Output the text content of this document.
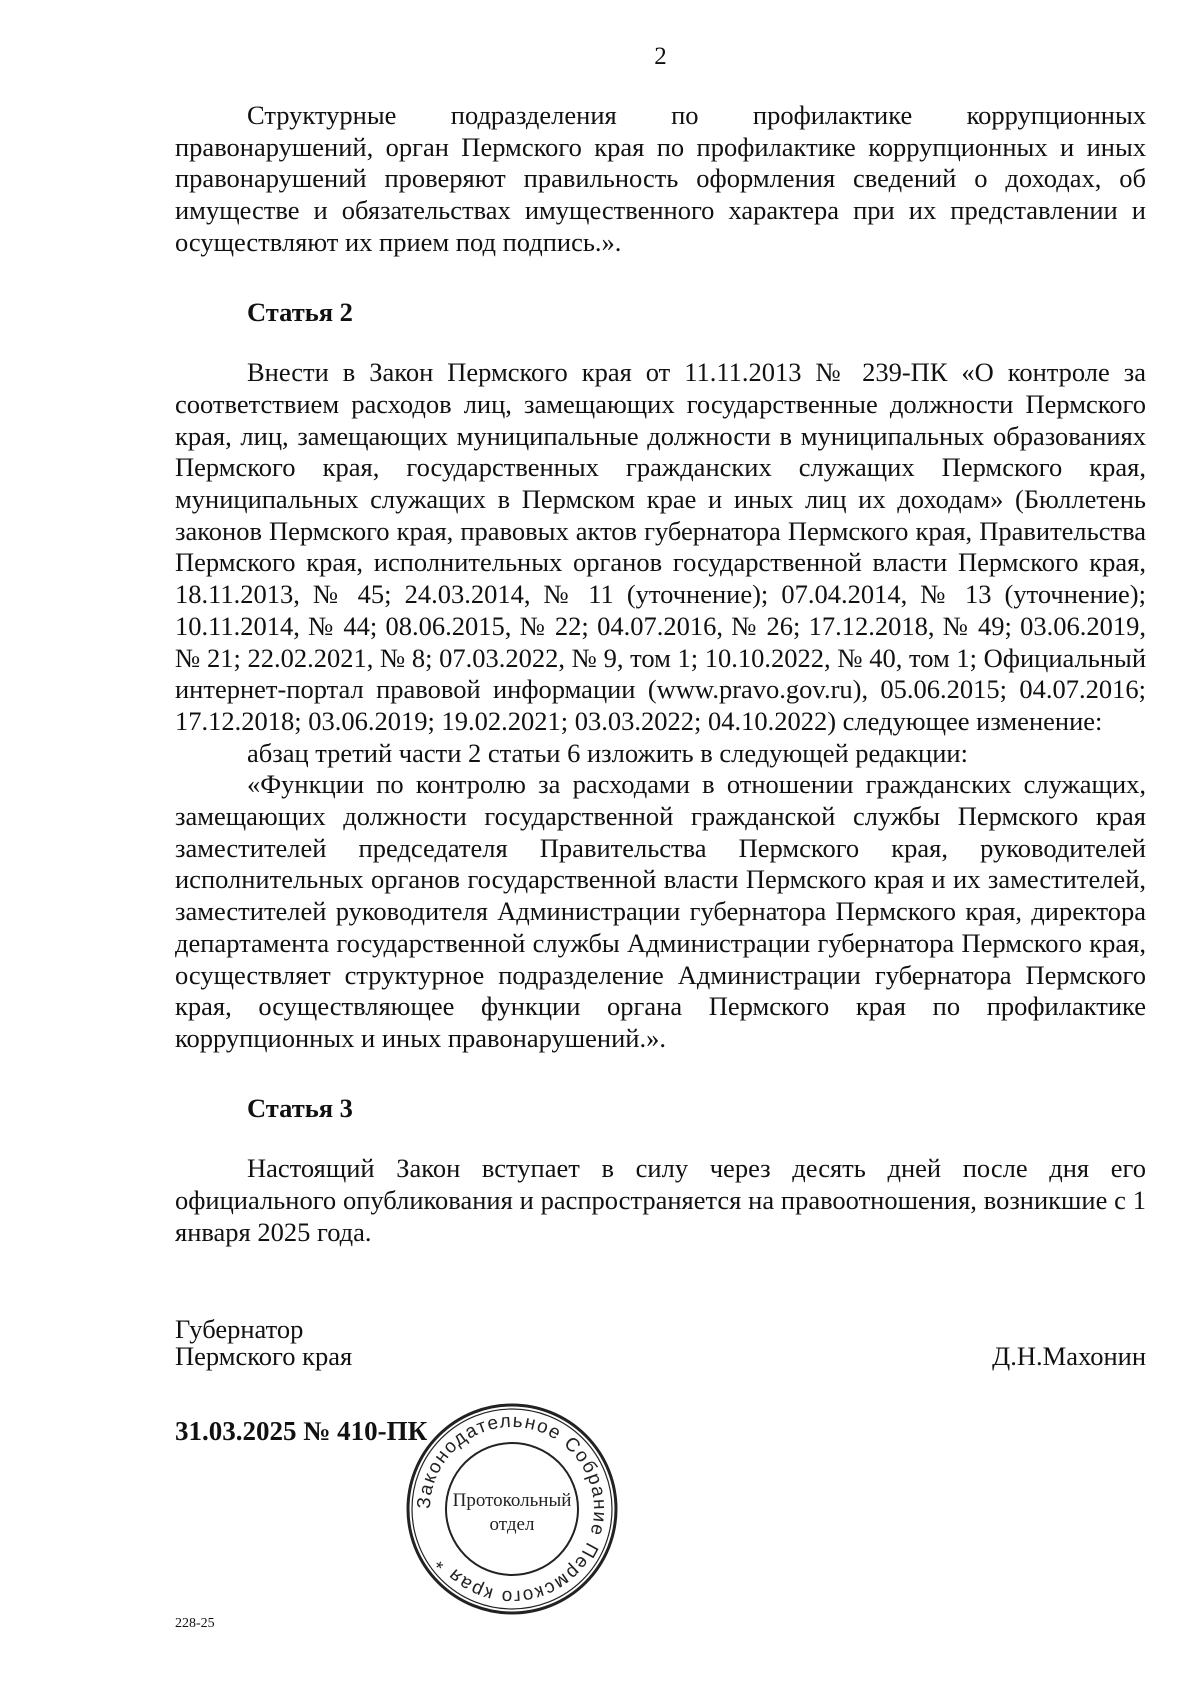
2

Структурные подразделения по профилактике коррупционных правонарушений, орган Пермского края по профилактике коррупционных и иных правонарушений проверяют правильность оформления сведений о доходах, об имуществе и обязательствах имущественного характера при их представлении и осуществляют их прием под подпись.».

Статья 2

Внести в Закон Пермского края от 11.11.2013 № 239-ПК «О контроле за соответствием расходов лиц, замещающих государственные должности Пермского края, лиц, замещающих муниципальные должности в муниципальных образованиях Пермского края, государственных гражданских служащих Пермского края, муниципальных служащих в Пермском крае и иных лиц их доходам» (Бюллетень законов Пермского края, правовых актов губернатора Пермского края, Правительства Пермского края, исполнительных органов государственной власти Пермского края, 18.11.2013, № 45; 24.03.2014, № 11 (уточнение); 07.04.2014, № 13 (уточнение); 10.11.2014, № 44; 08.06.2015, № 22; 04.07.2016, № 26; 17.12.2018, № 49; 03.06.2019, № 21; 22.02.2021, № 8; 07.03.2022, № 9, том 1; 10.10.2022, № 40, том 1; Официальный интернет-портал правовой информации (www.pravo.gov.ru), 05.06.2015; 04.07.2016; 17.12.2018; 03.06.2019; 19.02.2021; 03.03.2022; 04.10.2022) следующее изменение:

абзац третий части 2 статьи 6 изложить в следующей редакции:

«Функции по контролю за расходами в отношении гражданских служащих, замещающих должности государственной гражданской службы Пермского края заместителей председателя Правительства Пермского края, руководителей исполнительных органов государственной власти Пермского края и их заместителей, заместителей руководителя Администрации губернатора Пермского края, директора департамента государственной службы Администрации губернатора Пермского края, осуществляет структурное подразделение Администрации губернатора Пермского края, осуществляющее функции органа Пермского края по профилактике коррупционных и иных правонарушений.».

Статья 3

Настоящий Закон вступает в силу через десять дней после дня его официального опубликования и распространяется на правоотношения, возникшие с 1 января 2025 года.

Губернатор
Пермского края	Д.Н.Махонин
31.03.2025 № 410-ПК
Законодательное Собрание Пермского края *
Протокольный
отдел
228-25
